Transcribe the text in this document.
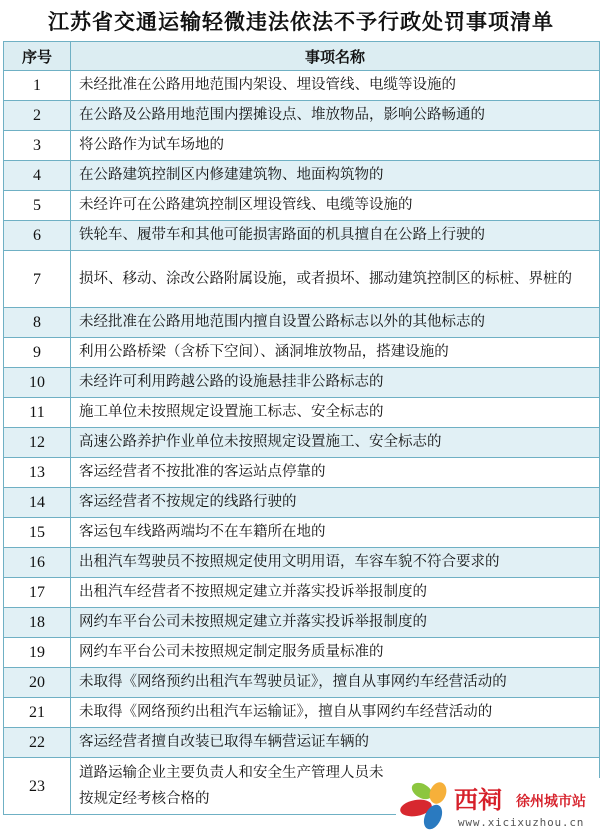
江苏省交通运输轻微违法依法不予行政处罚事项清单
序号	事项名称
1	未经批准在公路用地范围内架设、埋设管线、电缆等设施的
2	在公路及公路用地范围内摆摊设点、堆放物品，影响公路畅通的
3	将公路作为试车场地的
4	在公路建筑控制区内修建建筑物、地面构筑物的
5	未经许可在公路建筑控制区埋设管线、电缆等设施的
6	铁轮车、履带车和其他可能损害路面的机具擅自在公路上行驶的
7	损坏、移动、涂改公路附属设施，或者损坏、挪动建筑控制区的标桩、界桩的
8	未经批准在公路用地范围内擅自设置公路标志以外的其他标志的
9	利用公路桥梁（含桥下空间）、涵洞堆放物品，搭建设施的
10	未经许可利用跨越公路的设施悬挂非公路标志的
11	施工单位未按照规定设置施工标志、安全标志的
12	高速公路养护作业单位未按照规定设置施工、安全标志的
13	客运经营者不按批准的客运站点停靠的
14	客运经营者不按规定的线路行驶的
15	客运包车线路两端均不在车籍所在地的
16	出租汽车驾驶员不按照规定使用文明用语，车容车貌不符合要求的
17	出租汽车经营者不按照规定建立并落实投诉举报制度的
18	网约车平台公司未按照规定建立并落实投诉举报制度的
19	网约车平台公司未按照规定制定服务质量标准的
20	未取得《网络预约出租汽车驾驶员证》，擅自从事网约车经营活动的
21	未取得《网络预约出租汽车运输证》，擅自从事网约车经营活动的
22	客运经营者擅自改装已取得车辆营运证车辆的
23	道路运输企业主要负责人和安全生产管理人员未按规定经考核合格的	西祠 徐州城市站
www.xicixuzhou.cn
